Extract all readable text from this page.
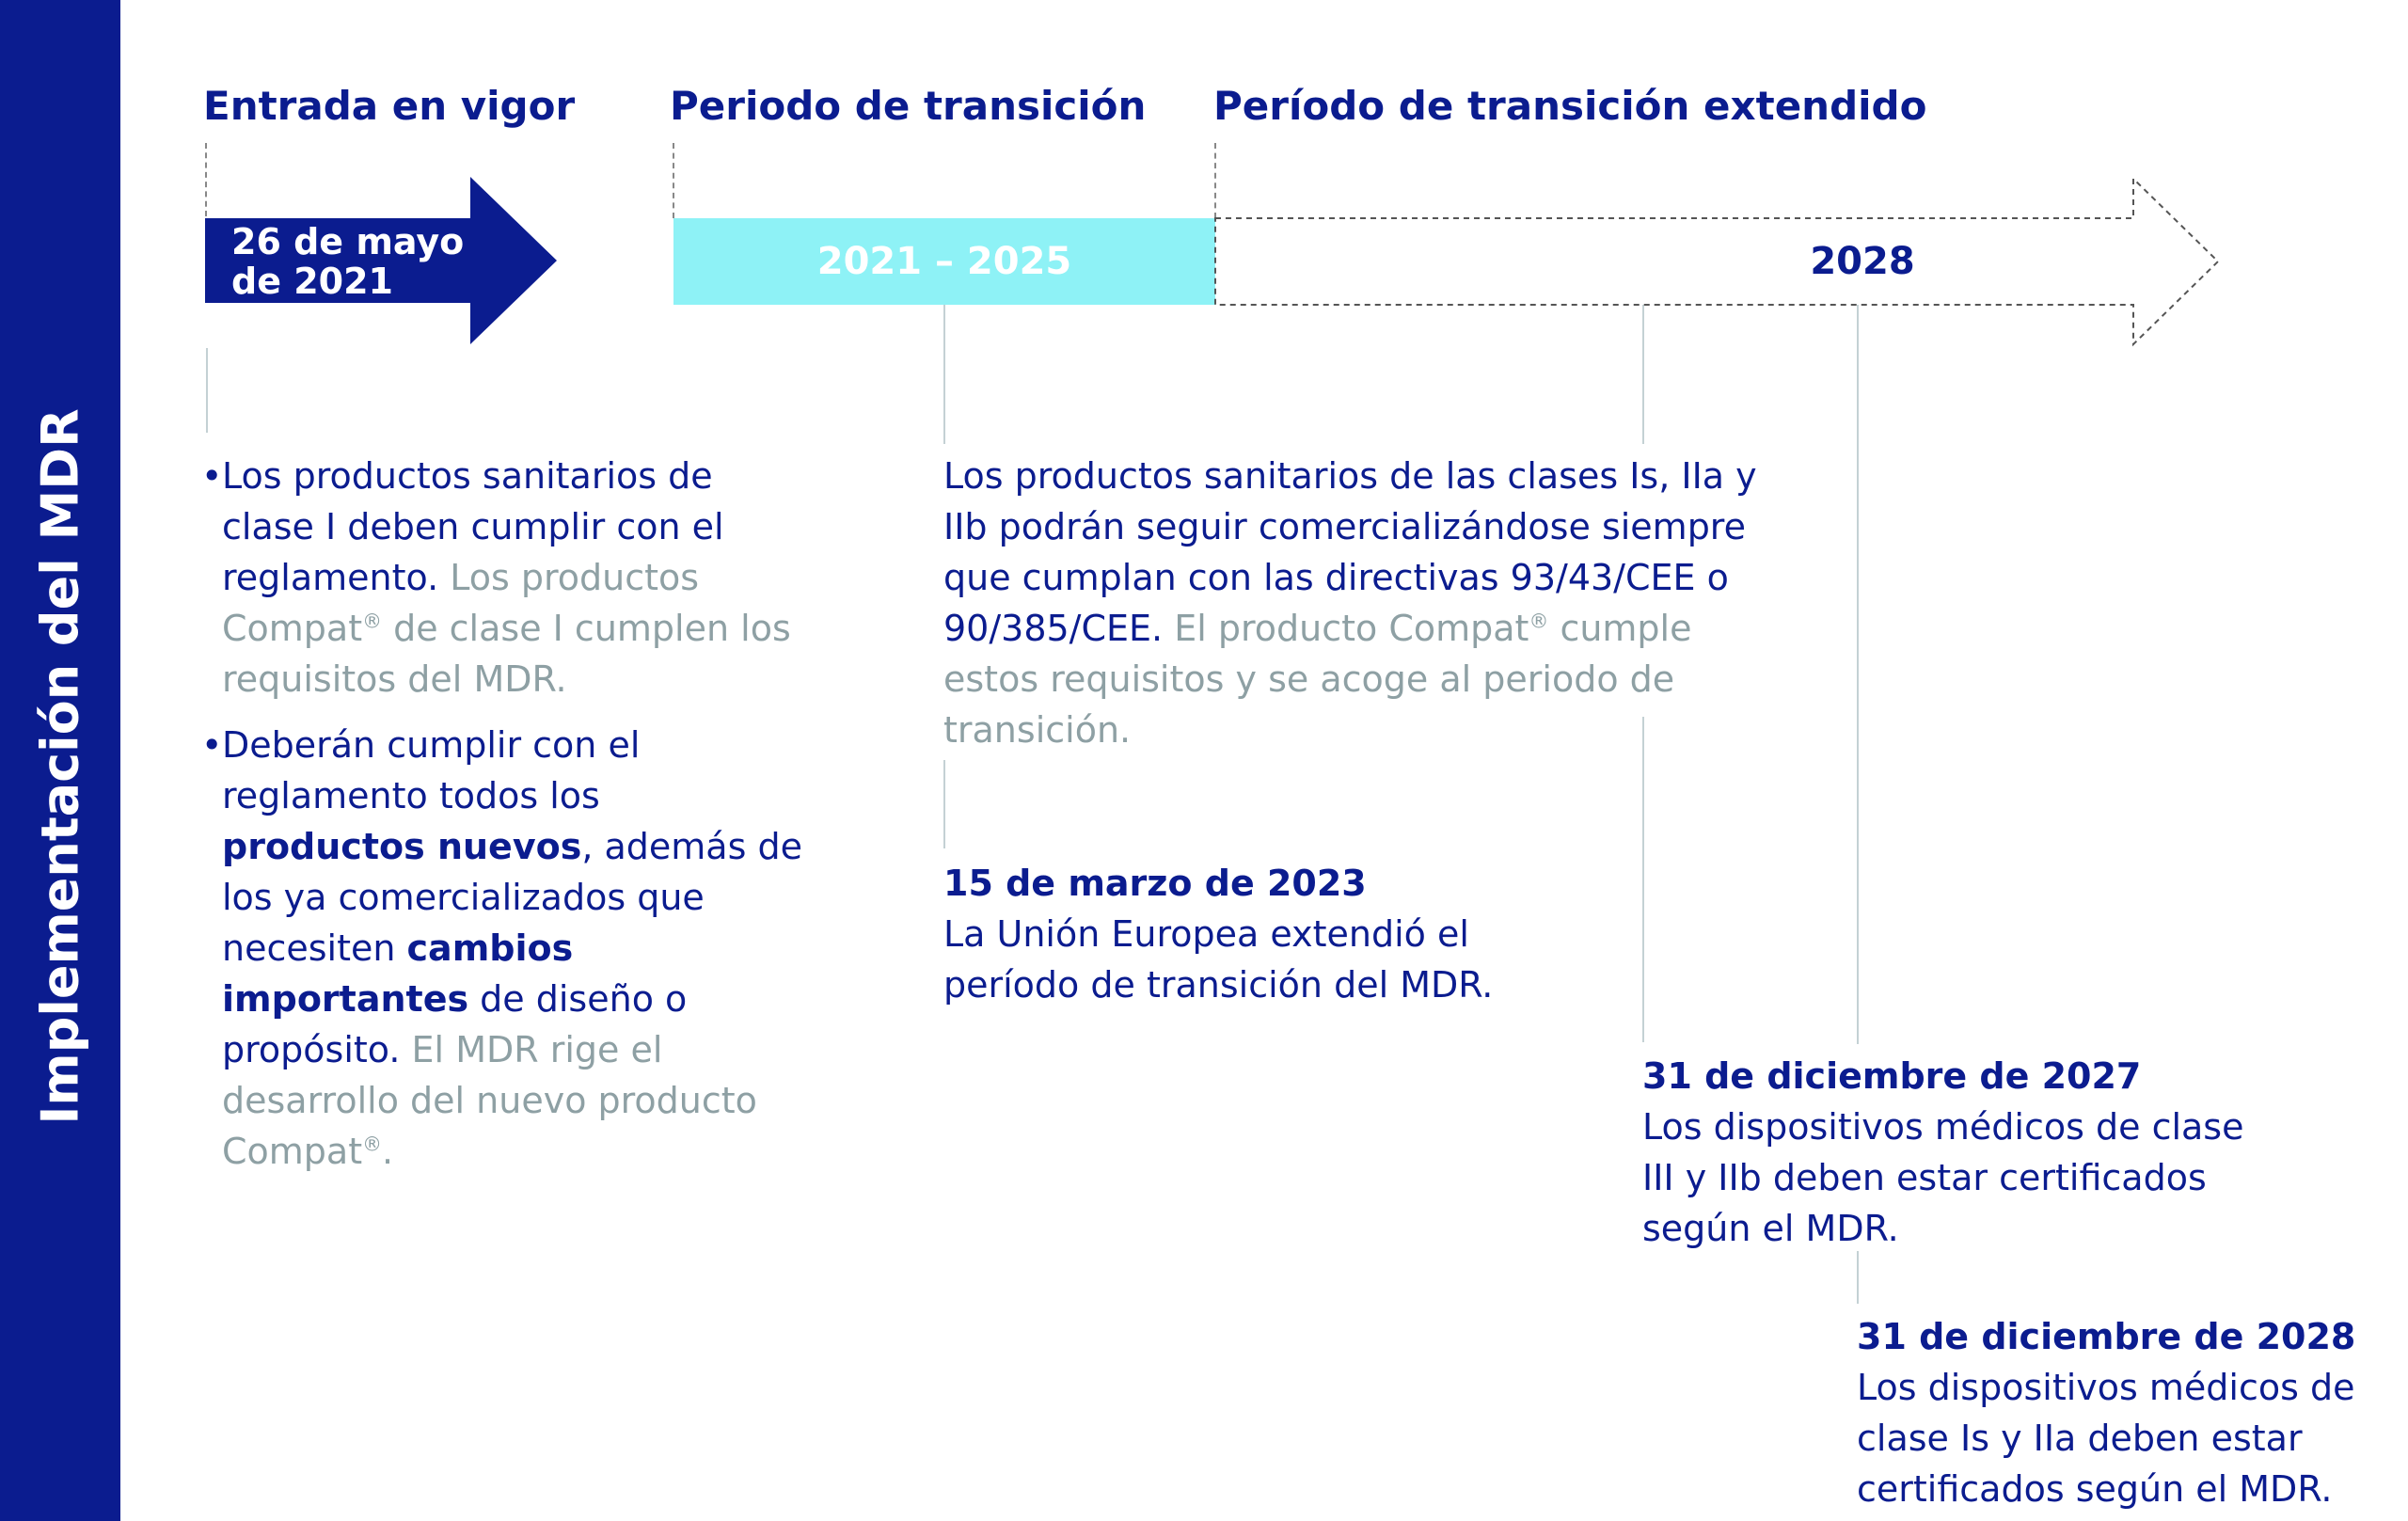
Implementación del MDR
Entrada en vigor Periodo de transición Período de transición extendido
26 de mayo
de 2021	2021 – 2025	2028
• Los productos sanitarios de clase I deben cumplir con el reglamento. Los productos Compat® de clase I cumplen los requisitos del MDR.
• Deberán cumplir con el reglamento todos los productos nuevos, además de los ya comercializados que necesiten cambios importantes de diseño o propósito. El MDR rige el desarrollo del nuevo producto Compat®.
Los productos sanitarios de las clases Is, IIa y IIb podrán seguir comercializándose siempre que cumplan con las directivas 93/43/CEE o 90/385/CEE. El producto Compat® cumple estos requisitos y se acoge al periodo de transición.
15 de marzo de 2023
La Unión Europea extendió el período de transición del MDR.
31 de diciembre de 2027
Los dispositivos médicos de clase III y IIb deben estar certificados según el MDR.
31 de diciembre de 2028
Los dispositivos médicos de clase Is y IIa deben estar certificados según el MDR.
